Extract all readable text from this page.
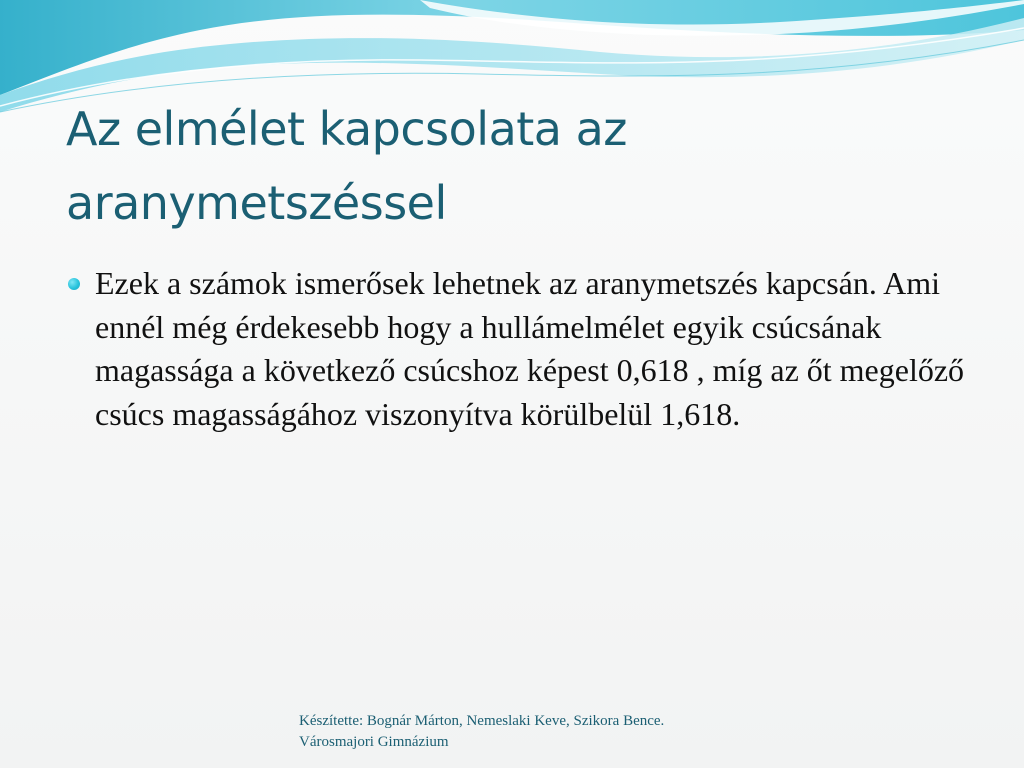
Az elmélet kapcsolata az
aranymetszéssel
Ezek a számok ismerősek lehetnek az aranymetszés kapcsán. Ami ennél még érdekesebb hogy a hullámelmélet egyik csúcsának magassága a következő csúcshoz képest 0,618 , míg az őt megelőző csúcs magasságához viszonyítva körülbelül 1,618.
Készítette: Bognár Márton, Nemeslaki Keve, Szikora Bence.
Városmajori Gimnázium
